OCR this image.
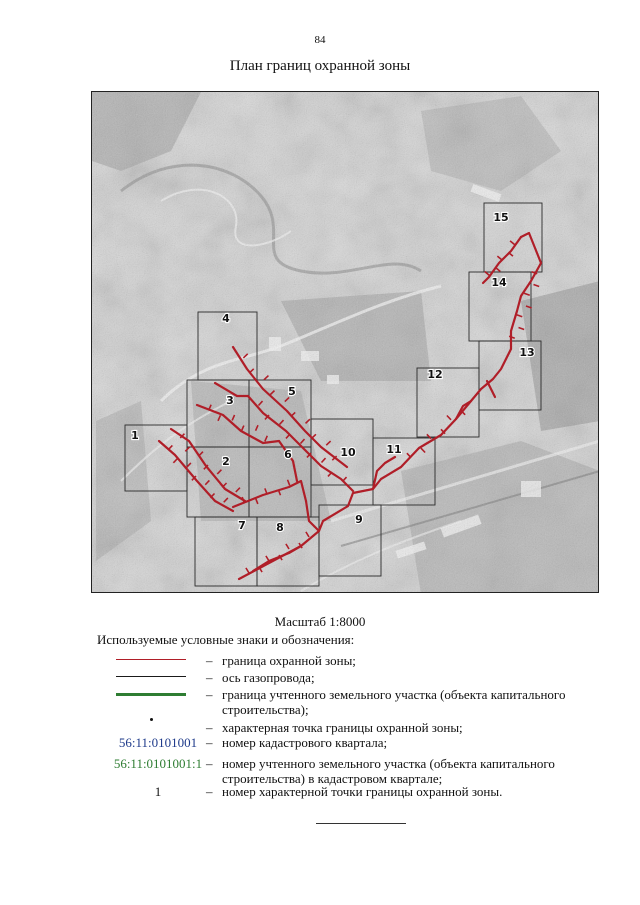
84
План границ охранной зоны
1
2
3
4
5
6
7	8
9
10	11
12
13
14
15
Масштаб 1:8000
Используемые условные знаки и обозначения:
– граница охранной зоны;
– ось газопровода;
– граница учтенного земельного участка (объекта капитального строительства);
– характерная точка границы охранной зоны;
56:11:0101001 – номер кадастрового квартала;
56:11:0101001:1 – номер учтенного земельного участка (объекта капитального строительства) в кадастровом квартале;
1	– номер характерной точки границы охранной зоны.
